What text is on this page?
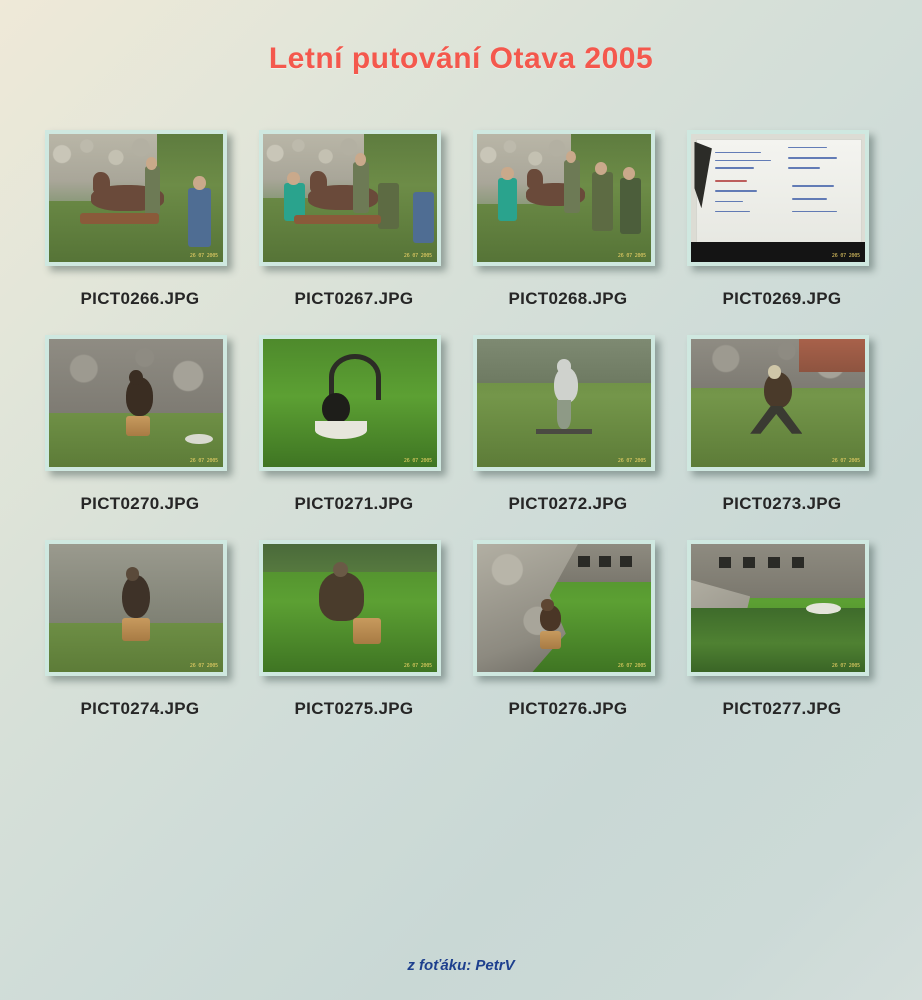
Letní putování Otava 2005
26 07 2005
PICT0266.JPG
26 07 2005
PICT0267.JPG
26 07 2005
PICT0268.JPG
26 07 2005
PICT0269.JPG
26 07 2005
PICT0270.JPG
26 07 2005
PICT0271.JPG
26 07 2005
PICT0272.JPG
26 07 2005
PICT0273.JPG
26 07 2005
PICT0274.JPG
26 07 2005
PICT0275.JPG
26 07 2005
PICT0276.JPG
26 07 2005
PICT0277.JPG
z foťáku: PetrV
